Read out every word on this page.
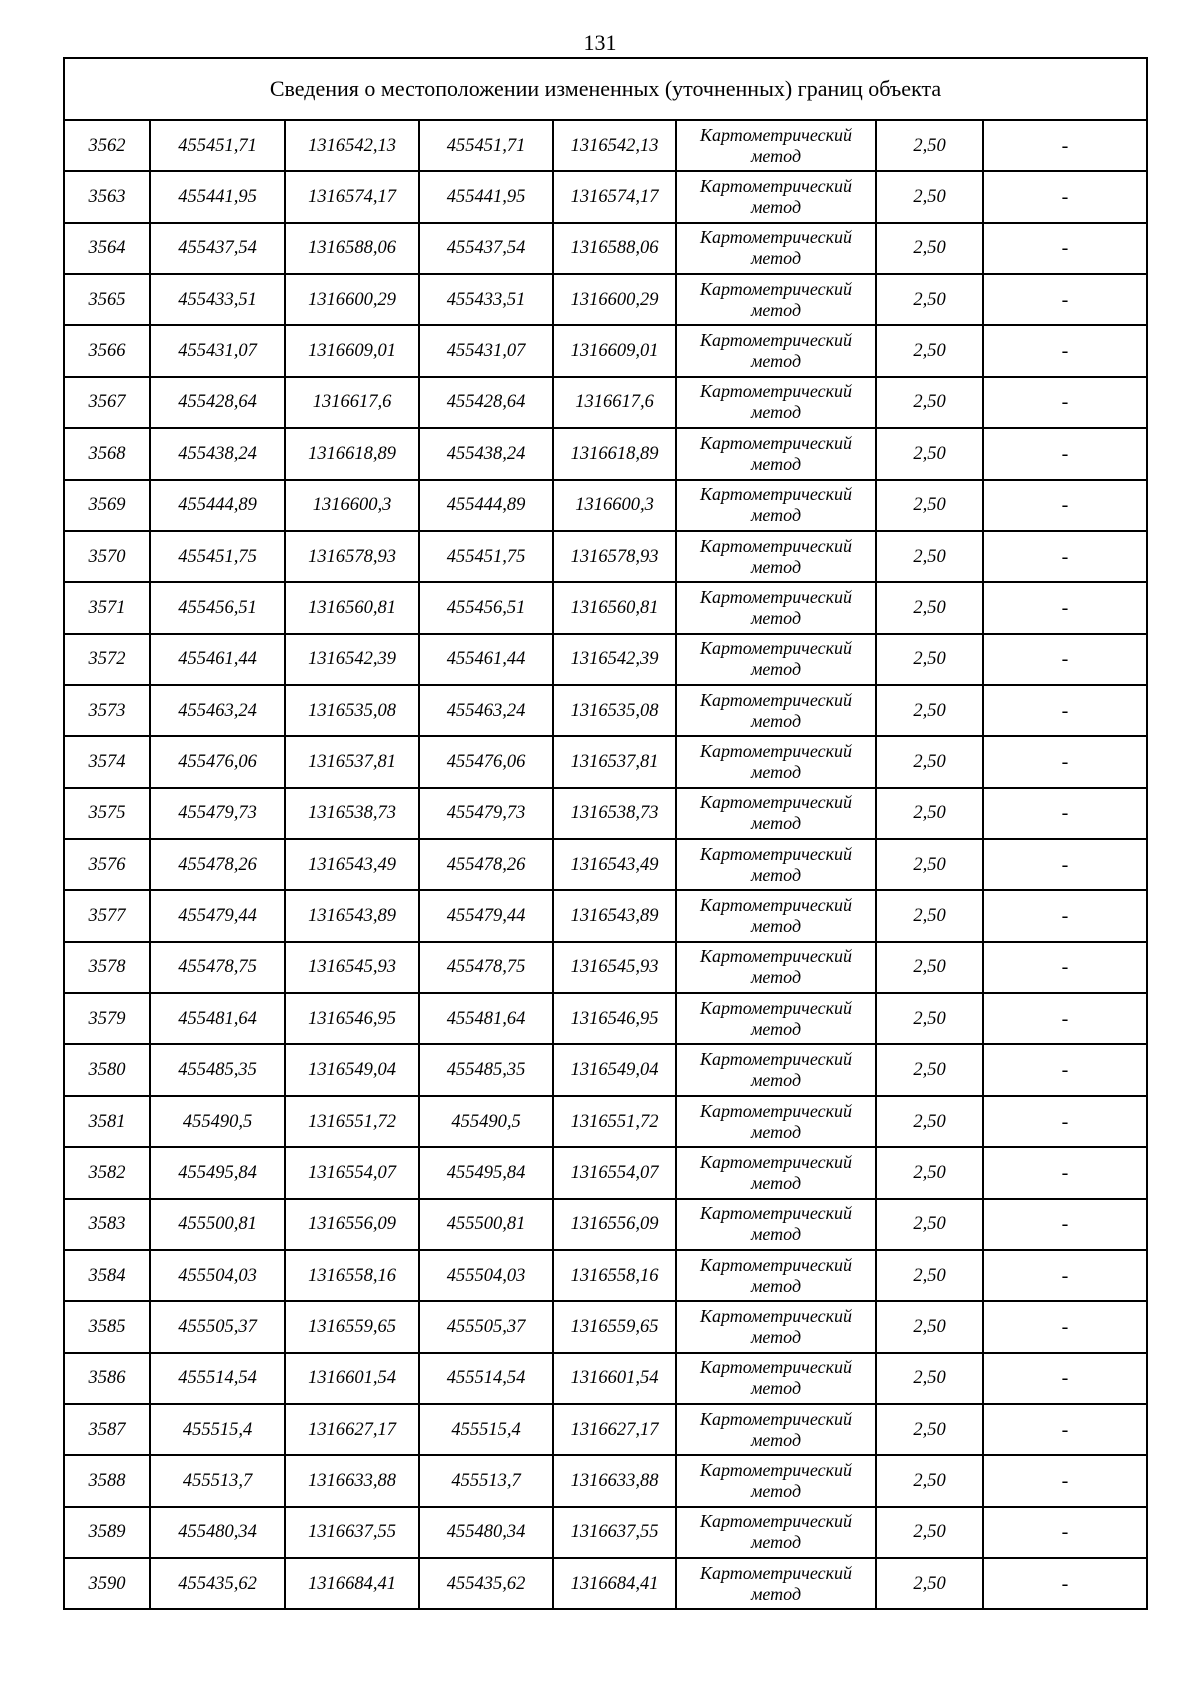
131
Сведения о местоположении измененных (уточненных) границ объекта							
3562	455451,71	1316542,13	455451,71	1316542,13	Картометрический метод	2,50	-
3563	455441,95	1316574,17	455441,95	1316574,17	Картометрический метод	2,50	-
3564	455437,54	1316588,06	455437,54	1316588,06	Картометрический метод	2,50	-
3565	455433,51	1316600,29	455433,51	1316600,29	Картометрический метод	2,50	-
3566	455431,07	1316609,01	455431,07	1316609,01	Картометрический метод	2,50	-
3567	455428,64	1316617,6	455428,64	1316617,6	Картометрический метод	2,50	-
3568	455438,24	1316618,89	455438,24	1316618,89	Картометрический метод	2,50	-
3569	455444,89	1316600,3	455444,89	1316600,3	Картометрический метод	2,50	-
3570	455451,75	1316578,93	455451,75	1316578,93	Картометрический метод	2,50	-
3571	455456,51	1316560,81	455456,51	1316560,81	Картометрический метод	2,50	-
3572	455461,44	1316542,39	455461,44	1316542,39	Картометрический метод	2,50	-
3573	455463,24	1316535,08	455463,24	1316535,08	Картометрический метод	2,50	-
3574	455476,06	1316537,81	455476,06	1316537,81	Картометрический метод	2,50	-
3575	455479,73	1316538,73	455479,73	1316538,73	Картометрический метод	2,50	-
3576	455478,26	1316543,49	455478,26	1316543,49	Картометрический метод	2,50	-
3577	455479,44	1316543,89	455479,44	1316543,89	Картометрический метод	2,50	-
3578	455478,75	1316545,93	455478,75	1316545,93	Картометрический метод	2,50	-
3579	455481,64	1316546,95	455481,64	1316546,95	Картометрический метод	2,50	-
3580	455485,35	1316549,04	455485,35	1316549,04	Картометрический метод	2,50	-
3581	455490,5	1316551,72	455490,5	1316551,72	Картометрический метод	2,50	-
3582	455495,84	1316554,07	455495,84	1316554,07	Картометрический метод	2,50	-
3583	455500,81	1316556,09	455500,81	1316556,09	Картометрический метод	2,50	-
3584	455504,03	1316558,16	455504,03	1316558,16	Картометрический метод	2,50	-
3585	455505,37	1316559,65	455505,37	1316559,65	Картометрический метод	2,50	-
3586	455514,54	1316601,54	455514,54	1316601,54	Картометрический метод	2,50	-
3587	455515,4	1316627,17	455515,4	1316627,17	Картометрический метод	2,50	-
3588	455513,7	1316633,88	455513,7	1316633,88	Картометрический метод	2,50	-
3589	455480,34	1316637,55	455480,34	1316637,55	Картометрический метод	2,50	-
3590	455435,62	1316684,41	455435,62	1316684,41	Картометрический метод	2,50	-
